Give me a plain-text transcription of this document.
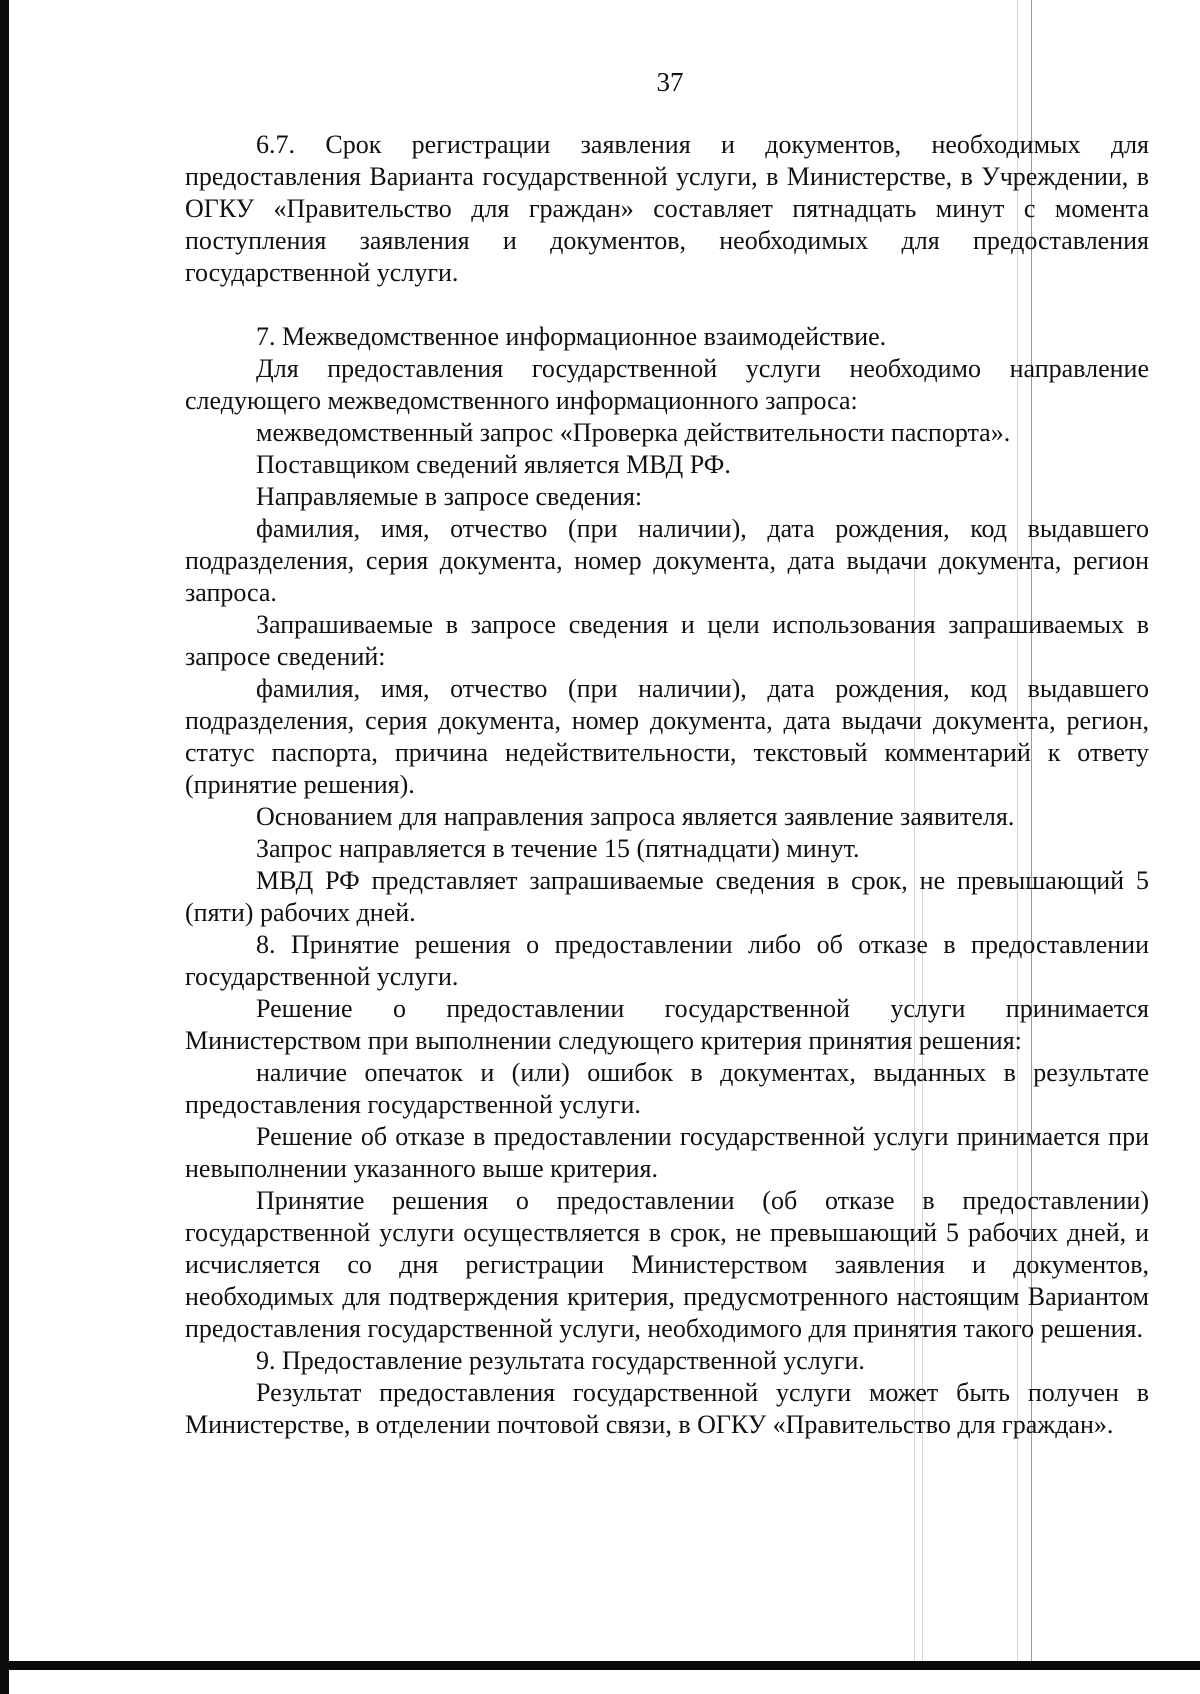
37

6.7. Срок регистрации заявления и документов, необходимых для предоставления Варианта государственной услуги, в Министерстве, в Учреждении, в ОГКУ «Правительство для граждан» составляет пятнадцать минут с момента поступления заявления и документов, необходимых для предоставления государственной услуги.

7. Межведомственное информационное взаимодействие.

Для предоставления государственной услуги необходимо направление следующего межведомственного информационного запроса:

межведомственный запрос «Проверка действительности паспорта».

Поставщиком сведений является МВД РФ.

Направляемые в запросе сведения:

фамилия, имя, отчество (при наличии), дата рождения, код выдавшего подразделения, серия документа, номер документа, дата выдачи документа, регион запроса.

Запрашиваемые в запросе сведения и цели использования запрашиваемых в запросе сведений:

фамилия, имя, отчество (при наличии), дата рождения, код выдавшего подразделения, серия документа, номер документа, дата выдачи документа, регион, статус паспорта, причина недействительности, текстовый комментарий к ответу (принятие решения).

Основанием для направления запроса является заявление заявителя.

Запрос направляется в течение 15 (пятнадцати) минут.

МВД РФ представляет запрашиваемые сведения в срок, не превышающий 5 (пяти) рабочих дней.

8. Принятие решения о предоставлении либо об отказе в предоставлении государственной услуги.

Решение о предоставлении государственной услуги принимается Министерством при выполнении следующего критерия принятия решения:

наличие опечаток и (или) ошибок в документах, выданных в результате предоставления государственной услуги.

Решение об отказе в предоставлении государственной услуги принимается при невыполнении указанного выше критерия.

Принятие решения о предоставлении (об отказе в предоставлении) государственной услуги осуществляется в срок, не превышающий 5 рабочих дней, и исчисляется со дня регистрации Министерством заявления и документов, необходимых для подтверждения критерия, предусмотренного настоящим Вариантом предоставления государственной услуги, необходимого для принятия такого решения.

9. Предоставление результата государственной услуги.

Результат предоставления государственной услуги может быть получен в Министерстве, в отделении почтовой связи, в ОГКУ «Правительство для граждан».
